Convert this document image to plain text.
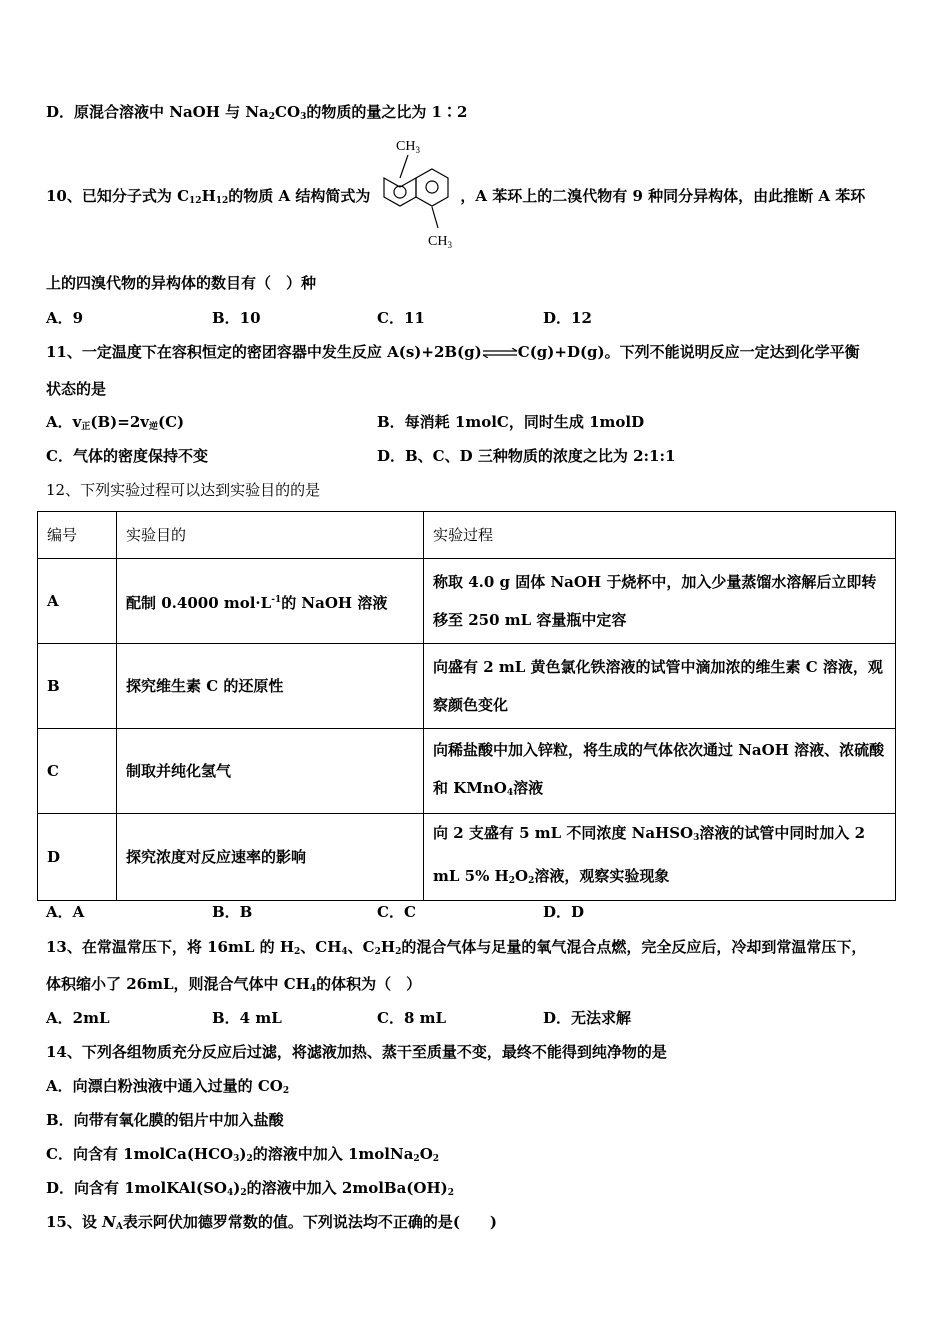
D．原混合溶液中 NaOH 与 $Na_2CO_3$的物质的量之比为 1∶2
10、已知分子式为 $C_{12}H_{12}$的物质 A 结构简式为	，A 苯环上的二溴代物有 9 种同分异构体，由此推断 A 苯环
$CH_3$
$CH_3$
上的四溴代物的异构体的数目有（　）种
A．9	B．10	C．11	D．12
11、一定温度下在容积恒定的密团容器中发生反应 A(s)+2B(g)⇌C(g)+D(g)。下列不能说明反应一定达到化学平衡
状态的是
A．$v_正(B)=2v_逆(C)$	B．每消耗 1molC，同时生成 1molD
C．气体的密度保持不变	D．B、C、D 三种物质的浓度之比为 2:1:1
12、下列实验过程可以达到实验目的的是
编号	实验目的	实验过程
A	配制 0.4000 $mol\cdot L^{-1}$的 NaOH 溶液	称取 4.0 g 固体 NaOH 于烧杯中，加入少量蒸馏水溶解后立即转移至 250 mL 容量瓶中定容
B	探究维生素 C 的还原性	向盛有 2 mL 黄色氯化铁溶液的试管中滴加浓的维生素 C 溶液，观察颜色变化
C	制取并纯化氢气	向稀盐酸中加入锌粒，将生成的气体依次通过 NaOH 溶液、浓硫酸和 KMnO$_4$溶液
D	探究浓度对反应速率的影响	向 2 支盛有 5 mL 不同浓度 NaHSO$_3$溶液的试管中同时加入 2 mL 5% $H_2O_2$溶液，观察实验现象
A．A	B．B	C．C	D．D
13、在常温常压下，将 16mL 的 $H_2$、$CH_4$、$C_2H_2$的混合气体与足量的氧气混合点燃，完全反应后，冷却到常温常压下，
体积缩小了 26mL，则混合气体中 $CH_4$的体积为（　）
A．2mL	B．4 mL	C．8 mL	D．无法求解
14、下列各组物质充分反应后过滤，将滤液加热、蒸干至质量不变，最终不能得到纯净物的是
A．向漂白粉浊液中通入过量的 $CO_2$
B．向带有氧化膜的铝片中加入盐酸
C．向含有 $1molCa(HCO_3)_2$的溶液中加入 $1molNa_2O_2$
D．向含有 $1molKAl(SO_4)_2$的溶液中加入 $2molBa(OH)_2$
15、设 $N_A$表示阿伏加德罗常数的值。下列说法均不正确的是(　　)
